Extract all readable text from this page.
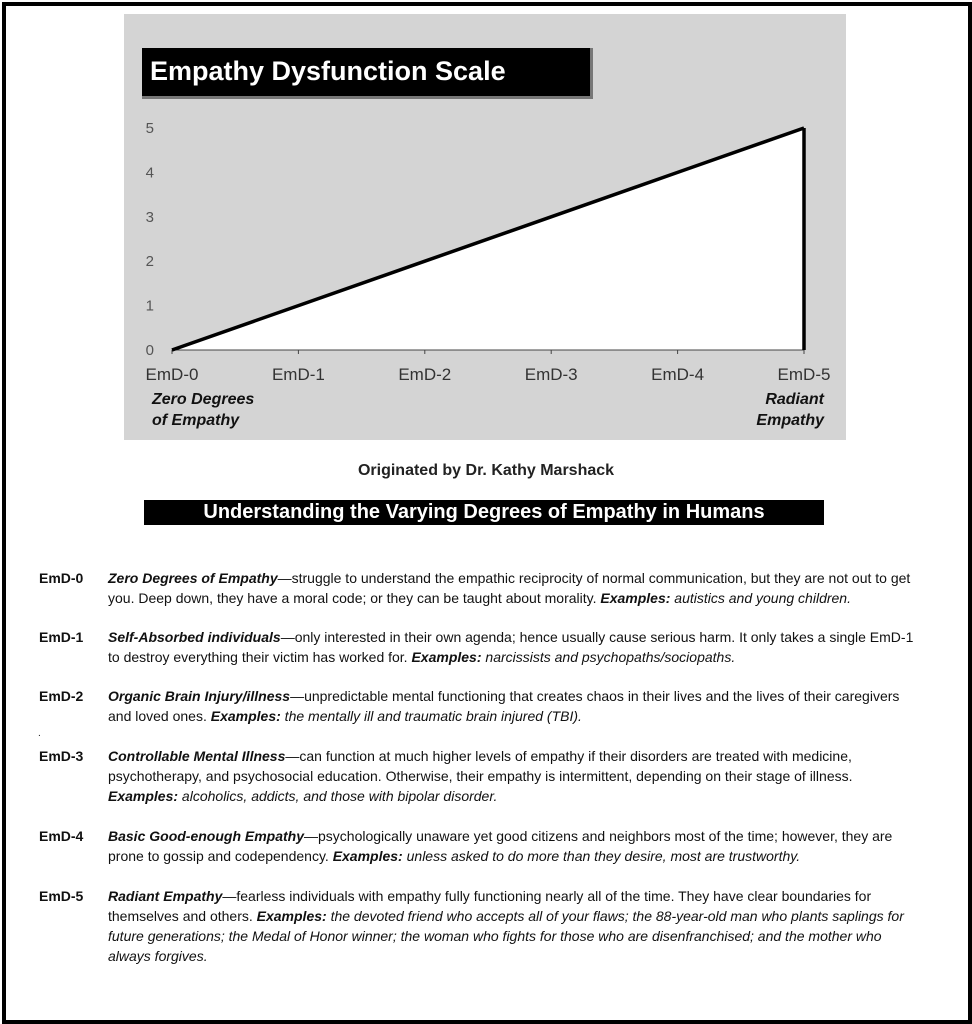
0
1
2
3
4
5
EmD-0	EmD-1	EmD-2	EmD-3	EmD-4	EmD-5
Empathy Dysfunction Scale
Zero Degrees
of Empathy
Radiant
Empathy
Originated by Dr. Kathy Marshack
Understanding the Varying Degrees of Empathy in Humans
.
EmD-0 Zero Degrees of Empathy—struggle to understand the empathic reciprocity of normal communication, but they are not out to get you. Deep down, they have a moral code; or they can be taught about morality. Examples: autistics and young children.
EmD-1 Self-Absorbed individuals—only interested in their own agenda; hence usually cause serious harm. It only takes a single EmD-1 to destroy everything their victim has worked for. Examples: narcissists and psychopaths/sociopaths.
EmD-2 Organic Brain Injury/illness—unpredictable mental functioning that creates chaos in their lives and the lives of their caregivers and loved ones. Examples: the mentally ill and traumatic brain injured (TBI).
EmD-3 Controllable Mental Illness—can function at much higher levels of empathy if their disorders are treated with medicine, psychotherapy, and psychosocial education. Otherwise, their empathy is intermittent, depending on their stage of illness. Examples: alcoholics, addicts, and those with bipolar disorder.
EmD-4 Basic Good-enough Empathy—psychologically unaware yet good citizens and neighbors most of the time; however, they are prone to gossip and codependency. Examples: unless asked to do more than they desire, most are trustworthy.
EmD-5 Radiant Empathy—fearless individuals with empathy fully functioning nearly all of the time. They have clear boundaries for themselves and others. Examples: the devoted friend who accepts all of your flaws; the 88-year-old man who plants saplings for future generations; the Medal of Honor winner; the woman who fights for those who are disenfranchised; and the mother who always forgives.
